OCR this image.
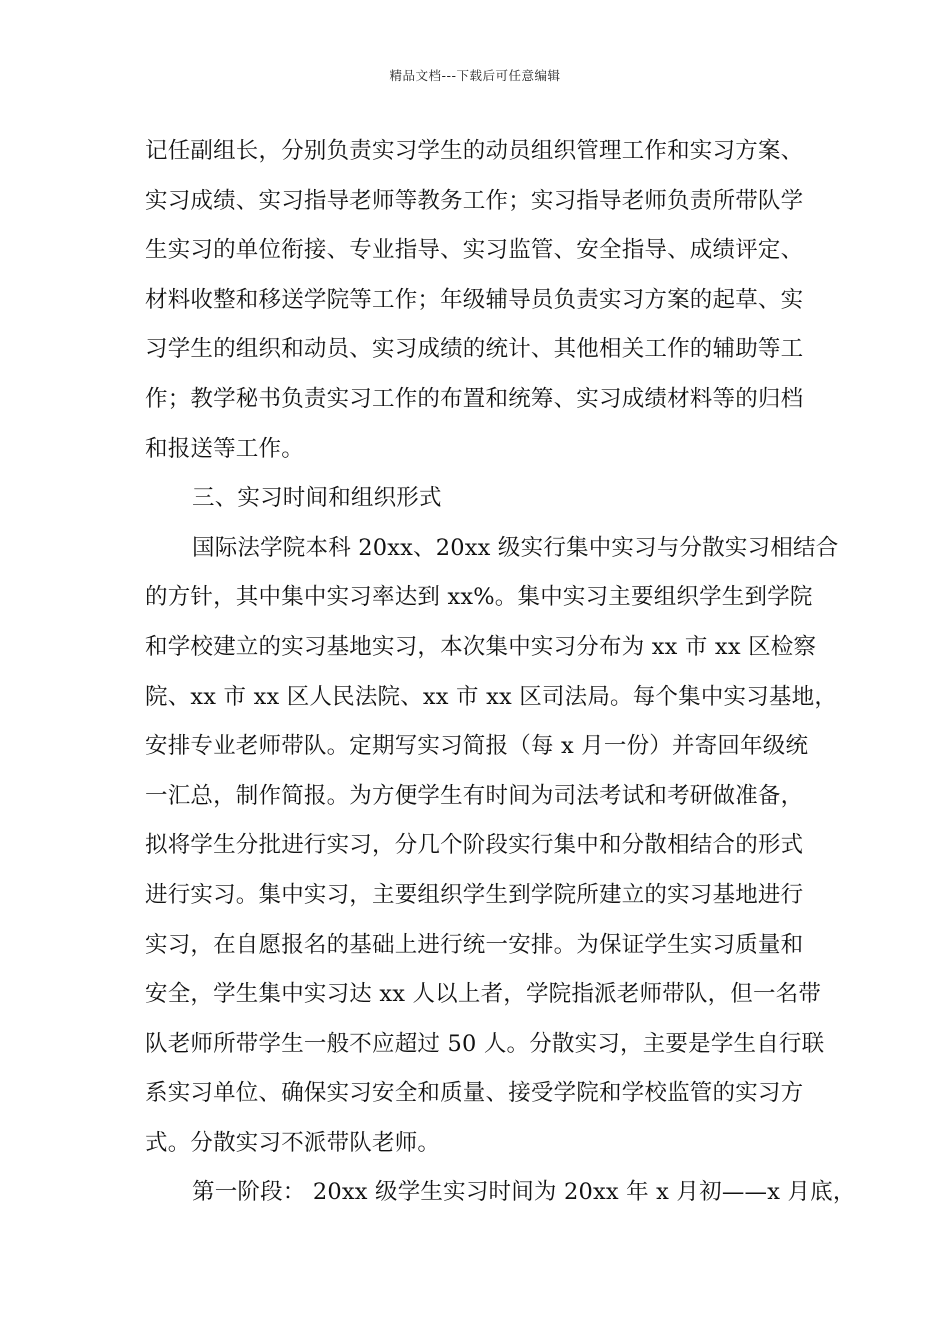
精品文档---下载后可任意编辑
记任副组长，分别负责实习学生的动员组织管理工作和实习方案、
实习成绩、实习指导老师等教务工作；实习指导老师负责所带队学
生实习的单位衔接、专业指导、实习监管、安全指导、成绩评定、
材料收整和移送学院等工作；年级辅导员负责实习方案的起草、实
习学生的组织和动员、实习成绩的统计、其他相关工作的辅助等工
作；教学秘书负责实习工作的布置和统筹、实习成绩材料等的归档
和报送等工作。
三、实习时间和组织形式
国际法学院本科 20xx、20xx 级实行集中实习与分散实习相结合
的方针，其中集中实习率达到 xx%。集中实习主要组织学生到学院
和学校建立的实习基地实习，本次集中实习分布为 xx 市 xx 区检察
院、xx 市 xx 区人民法院、xx 市 xx 区司法局。每个集中实习基地，
安排专业老师带队。定期写实习简报（每 x 月一份）并寄回年级统
一汇总，制作简报。为方便学生有时间为司法考试和考研做准备，
拟将学生分批进行实习，分几个阶段实行集中和分散相结合的形式
进行实习。集中实习，主要组织学生到学院所建立的实习基地进行
实习，在自愿报名的基础上进行统一安排。为保证学生实习质量和
安全，学生集中实习达 xx 人以上者，学院指派老师带队，但一名带
队老师所带学生一般不应超过 50 人。分散实习，主要是学生自行联
系实习单位、确保实习安全和质量、接受学院和学校监管的实习方
式。分散实习不派带队老师。
第一阶段： 20xx 级学生实习时间为 20xx 年 x 月初——x 月底，
